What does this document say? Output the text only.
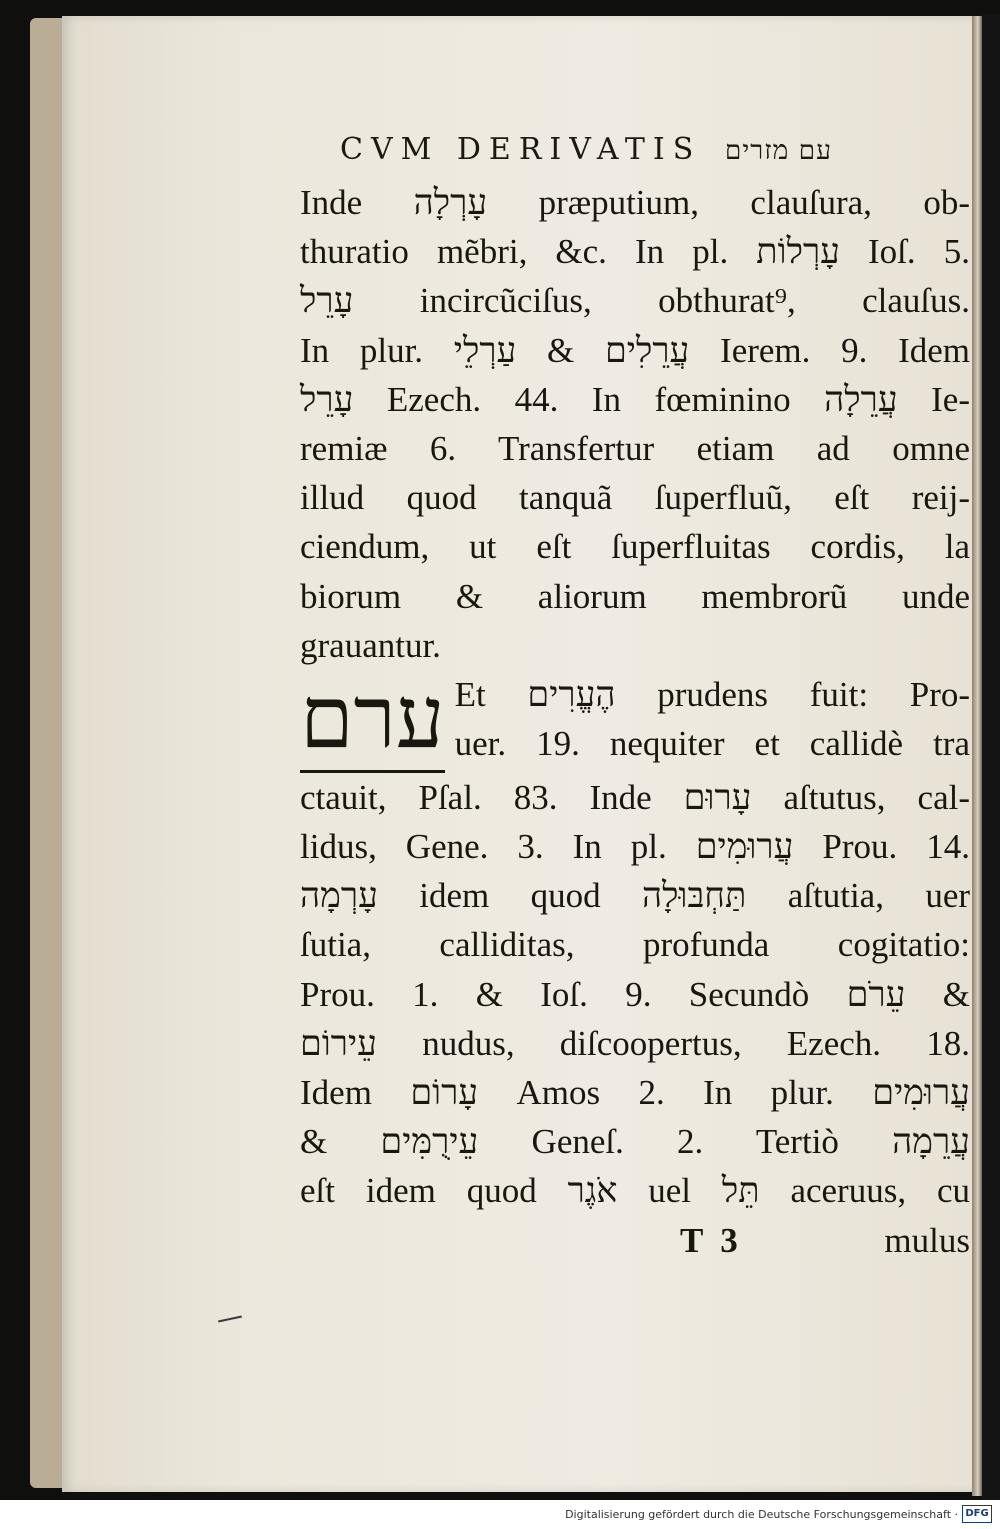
CVM DERIVATIS עם מזרים
Inde עָרְלָה præputium, clauſura, ob‑
thuratio mẽbri, &c. In pl. עָרְלוֹת Ioſ. 5.
עָרֵל incircũciſus, obthurat⁹, clauſus.
In plur. עֲרֵלִים & עַרְלֵי Ierem. 9. Idem
עָרֵל Ezech. 44. In fœminino עֲרֵלָה Ie‑
remiæ 6. Transfertur etiam ad omne
illud quod tanquã ſuperfluũ, eſt reij‑
ciendum, ut eſt ſuperfluitas cordis, la
biorum & aliorum membrorũ unde
grauantur.
ערם Et הֶעֱרִים prudens fuit: Pro‑
uer. 19. nequiter et callidè tra
ctauit, Pſal. 83. Inde עָרוּם aſtutus, cal‑
lidus, Gene. 3. In pl. עֲרוּמִים Prou. 14.
עָרְמָה idem quod תַּחְבּוּלָה aſtutia, uer
ſutia, calliditas, profunda cogitatio:
Prou. 1. & Ioſ. 9. Secundò עֵרֹם &
עֵירוֹם nudus, diſcoopertus, Ezech. 18.
Idem עָרוֹם Amos 2. In plur. עֲרוּמִים
& עֵירֻמִּים Geneſ. 2. Tertiò עֲרֵמָה
eſt idem quod אֹגֶר uel תֵּל aceruus, cu
T  3	mulus
Digitalisierung gefördert durch die Deutsche Forschungsgemeinschaft · DFG
